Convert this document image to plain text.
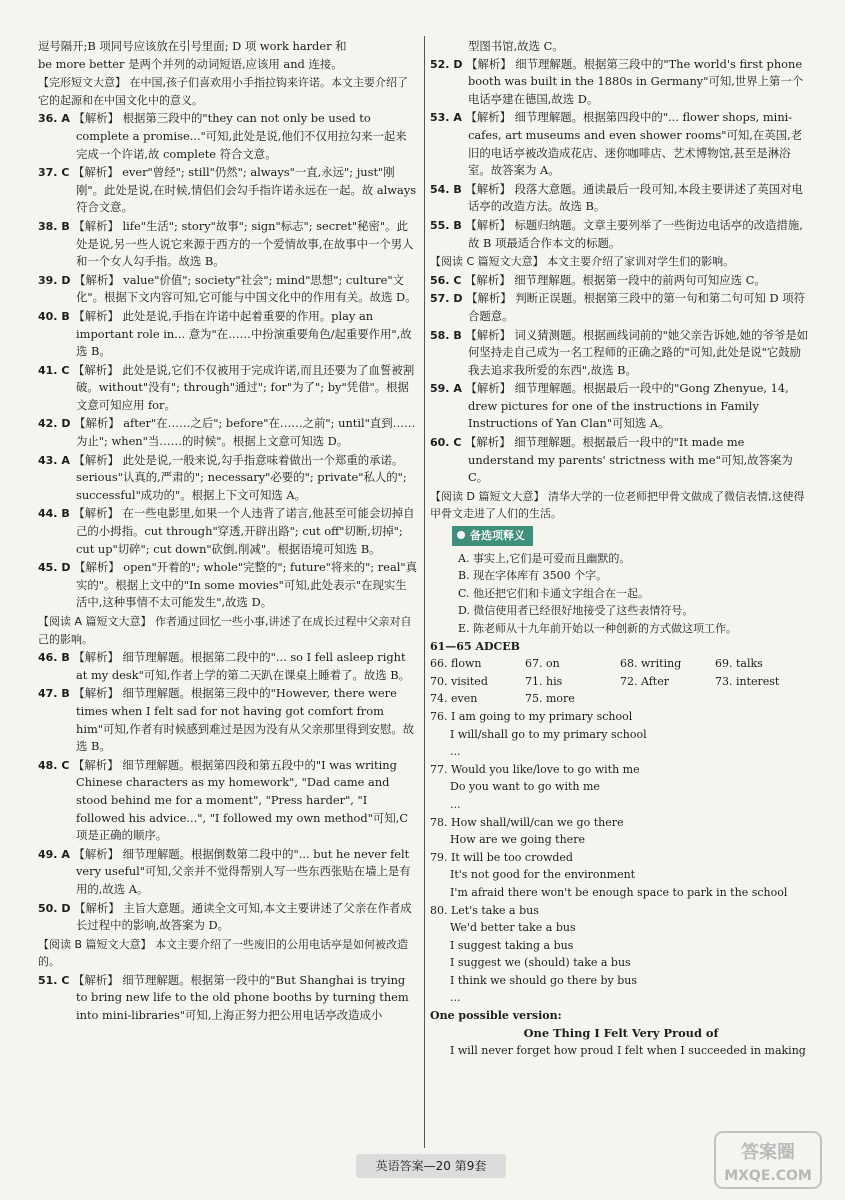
逗号隔开;B 项同号应该放在引号里面; D 项 work harder 和
be more better 是两个并列的动词短语,应该用 and 连接。
【完形短文大意】 在中国,孩子们喜欢用小手指拉钩来许诺。本文主要介绍了它的起源和在中国文化中的意义。
36. A 【解析】 根据第三段中的"they can not only be used to complete a promise..."可知,此处是说,他们不仅用拉勾来一起来完成一个许诺,故 complete 符合文意。
37. C 【解析】 ever"曾经"; still"仍然"; always"一直,永远"; just"刚刚"。此处是说,在时候,情侣们会勾手指许诺永远在一起。故 always 符合文意。
38. B 【解析】 life"生活"; story"故事"; sign"标志"; secret"秘密"。此处是说,另一些人说它来源于西方的一个爱情故事,在故事中一个男人和一个女人勾手指。故选 B。
39. D 【解析】 value"价值"; society"社会"; mind"思想"; culture"文化"。根据下文内容可知,它可能与中国文化中的作用有关。故选 D。
40. B 【解析】 此处是说,手指在许诺中起着重要的作用。play an important role in... 意为"在……中扮演重要角色/起重要作用",故选 B。
41. C 【解析】 此处是说,它们不仅被用于完成许诺,而且还要为了血誓被割破。without"没有"; through"通过"; for"为了"; by"凭借"。根据文意可知应用 for。
42. D 【解析】 after"在……之后"; before"在……之前"; until"直到……为止"; when"当……的时候"。根据上文意可知选 D。
43. A 【解析】 此处是说,一般来说,勾手指意味着做出一个郑重的承诺。serious"认真的,严肃的"; necessary"必要的"; private"私人的"; successful"成功的"。根据上下文可知选 A。
44. B 【解析】 在一些电影里,如果一个人违背了诺言,他甚至可能会切掉自己的小拇指。cut through"穿透,开辟出路"; cut off"切断,切掉"; cut up"切碎"; cut down"砍倒,削减"。根据语境可知选 B。
45. D 【解析】 open"开着的"; whole"完整的"; future"将来的"; real"真实的"。根据上文中的"In some movies"可知,此处表示"在现实生活中,这种事情不太可能发生",故选 D。
【阅读 A 篇短文大意】 作者通过回忆一些小事,讲述了在成长过程中父亲对自己的影响。
46. B 【解析】 细节理解题。根据第二段中的"... so I fell asleep right at my desk"可知,作者上学的第二天趴在课桌上睡着了。故选 B。
47. B 【解析】 细节理解题。根据第三段中的"However, there were times when I felt sad for not having got comfort from him"可知,作者有时候感到难过是因为没有从父亲那里得到安慰。故选 B。
48. C 【解析】 细节理解题。根据第四段和第五段中的"I was writing Chinese characters as my homework", "Dad came and stood behind me for a moment", "Press harder", "I followed his advice...", "I followed my own method"可知,C 项是正确的顺序。
49. A 【解析】 细节理解题。根据倒数第二段中的"... but he never felt very useful"可知,父亲并不觉得帮别人写一些东西张贴在墙上是有用的,故选 A。
50. D 【解析】 主旨大意题。通读全文可知,本文主要讲述了父亲在作者成长过程中的影响,故答案为 D。
【阅读 B 篇短文大意】 本文主要介绍了一些废旧的公用电话亭是如何被改造的。
51. C 【解析】 细节理解题。根据第一段中的"But Shanghai is trying to bring new life to the old phone booths by turning them into mini-libraries"可知,上海正努力把公用电话亭改造成小
型图书馆,故选 C。
52. D 【解析】 细节理解题。根据第三段中的"The world's first phone booth was built in the 1880s in Germany"可知,世界上第一个电话亭建在德国,故选 D。
53. A 【解析】 细节理解题。根据第四段中的"... flower shops, mini-cafes, art museums and even shower rooms"可知,在英国,老旧的电话亭被改造成花店、迷你咖啡店、艺术博物馆,甚至是淋浴室。故答案为 A。
54. B 【解析】 段落大意题。通读最后一段可知,本段主要讲述了英国对电话亭的改造方法。故选 B。
55. B 【解析】 标题归纳题。文章主要列举了一些街边电话亭的改造措施,故 B 项最适合作本文的标题。
【阅读 C 篇短文大意】 本文主要介绍了家训对学生们的影响。
56. C 【解析】 细节理解题。根据第一段中的前两句可知应选 C。
57. D 【解析】 判断正误题。根据第三段中的第一句和第二句可知 D 项符合题意。
58. B 【解析】 词义猜测题。根据画线词前的"她父亲告诉她,她的爷爷是如何坚持走自己成为一名工程师的正确之路的"可知,此处是说"它鼓励我去追求我所爱的东西",故选 B。
59. A 【解析】 细节理解题。根据最后一段中的"Gong Zhenyue, 14, drew pictures for one of the instructions in Family Instructions of Yan Clan"可知选 A。
60. C 【解析】 细节理解题。根据最后一段中的"It made me understand my parents' strictness with me"可知,故答案为 C。
【阅读 D 篇短文大意】 清华大学的一位老师把甲骨文做成了微信表情,这使得甲骨文走进了人们的生活。
备选项释义
A. 事实上,它们是可爱而且幽默的。
B. 现在字体库有 3500 个字。
C. 他还把它们和卡通文字组合在一起。
D. 微信使用者已经很好地接受了这些表情符号。
E. 陈老师从十九年前开始以一种创新的方式做这项工作。
61—65 ADCEB
66. flown	67. on	68. writing	69. talks
70. visited	71. his	72. After	73. interest
74. even	75. more
76. I am going to my primary school
I will/shall go to my primary school
...
77. Would you like/love to go with me
Do you want to go with me
...
78. How shall/will/can we go there
How are we going there
79. It will be too crowded
It's not good for the environment
I'm afraid there won't be enough space to park in the school
80. Let's take a bus
We'd better take a bus
I suggest taking a bus
I suggest we (should) take a bus
I think we should go there by bus
...
One possible version:
One Thing I Felt Very Proud of
I will never forget how proud I felt when I succeeded in making
英语答案—20 第9套
答案圈
MXQE.COM
